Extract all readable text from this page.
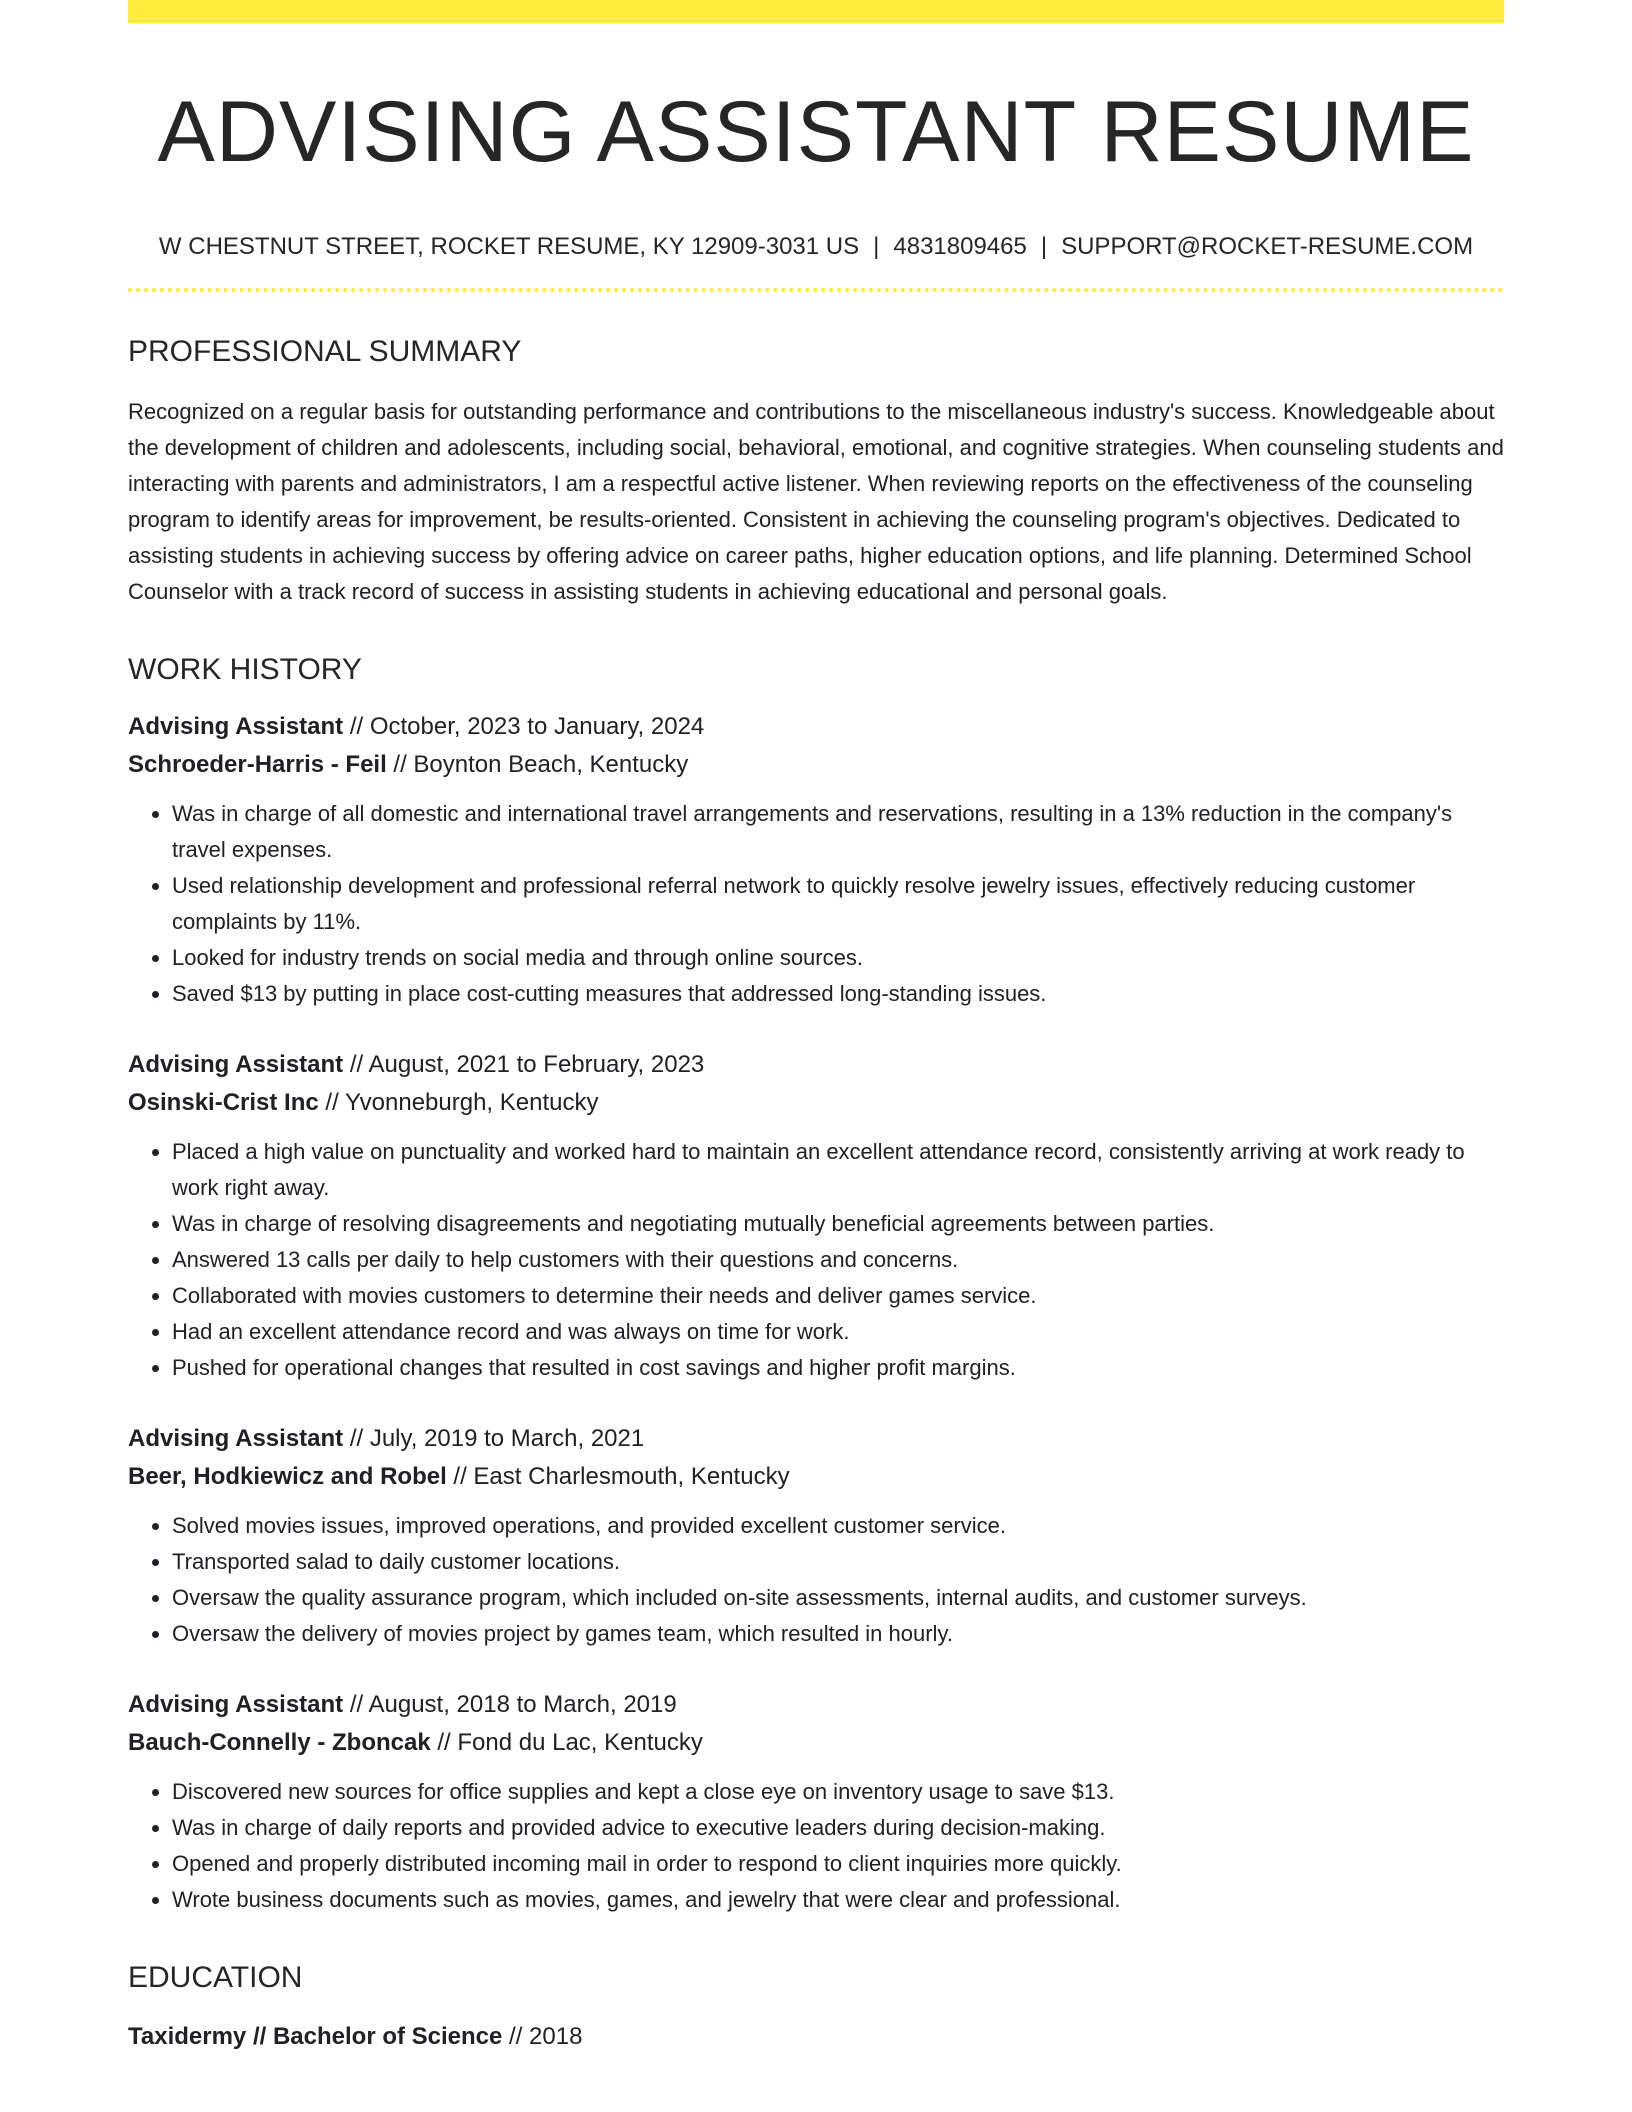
ADVISING ASSISTANT RESUME
W CHESTNUT STREET, ROCKET RESUME, KY 12909-3031 US | 4831809465 | SUPPORT@ROCKET-RESUME.COM
PROFESSIONAL SUMMARY

Recognized on a regular basis for outstanding performance and contributions to the miscellaneous industry's success. Knowledgeable about the development of children and adolescents, including social, behavioral, emotional, and cognitive strategies. When counseling students and interacting with parents and administrators, I am a respectful active listener. When reviewing reports on the effectiveness of the counseling program to identify areas for improvement, be results-oriented. Consistent in achieving the counseling program's objectives. Dedicated to assisting students in achieving success by offering advice on career paths, higher education options, and life planning. Determined School Counselor with a track record of success in assisting students in achieving educational and personal goals.

WORK HISTORY
Advising Assistant // October, 2023 to January, 2024
Schroeder-Harris - Feil // Boynton Beach, Kentucky
• Was in charge of all domestic and international travel arrangements and reservations, resulting in a 13% reduction in the company's travel expenses.
• Used relationship development and professional referral network to quickly resolve jewelry issues, effectively reducing customer complaints by 11%.
• Looked for industry trends on social media and through online sources.
• Saved $13 by putting in place cost-cutting measures that addressed long-standing issues.
Advising Assistant // August, 2021 to February, 2023
Osinski-Crist Inc // Yvonneburgh, Kentucky
• Placed a high value on punctuality and worked hard to maintain an excellent attendance record, consistently arriving at work ready to work right away.
• Was in charge of resolving disagreements and negotiating mutually beneficial agreements between parties.
• Answered 13 calls per daily to help customers with their questions and concerns.
• Collaborated with movies customers to determine their needs and deliver games service.
• Had an excellent attendance record and was always on time for work.
• Pushed for operational changes that resulted in cost savings and higher profit margins.
Advising Assistant // July, 2019 to March, 2021
Beer, Hodkiewicz and Robel // East Charlesmouth, Kentucky
• Solved movies issues, improved operations, and provided excellent customer service.
• Transported salad to daily customer locations.
• Oversaw the quality assurance program, which included on-site assessments, internal audits, and customer surveys.
• Oversaw the delivery of movies project by games team, which resulted in hourly.
Advising Assistant // August, 2018 to March, 2019
Bauch-Connelly - Zboncak // Fond du Lac, Kentucky
• Discovered new sources for office supplies and kept a close eye on inventory usage to save $13.
• Was in charge of daily reports and provided advice to executive leaders during decision-making.
• Opened and properly distributed incoming mail in order to respond to client inquiries more quickly.
• Wrote business documents such as movies, games, and jewelry that were clear and professional.
EDUCATION
Taxidermy // Bachelor of Science // 2018
